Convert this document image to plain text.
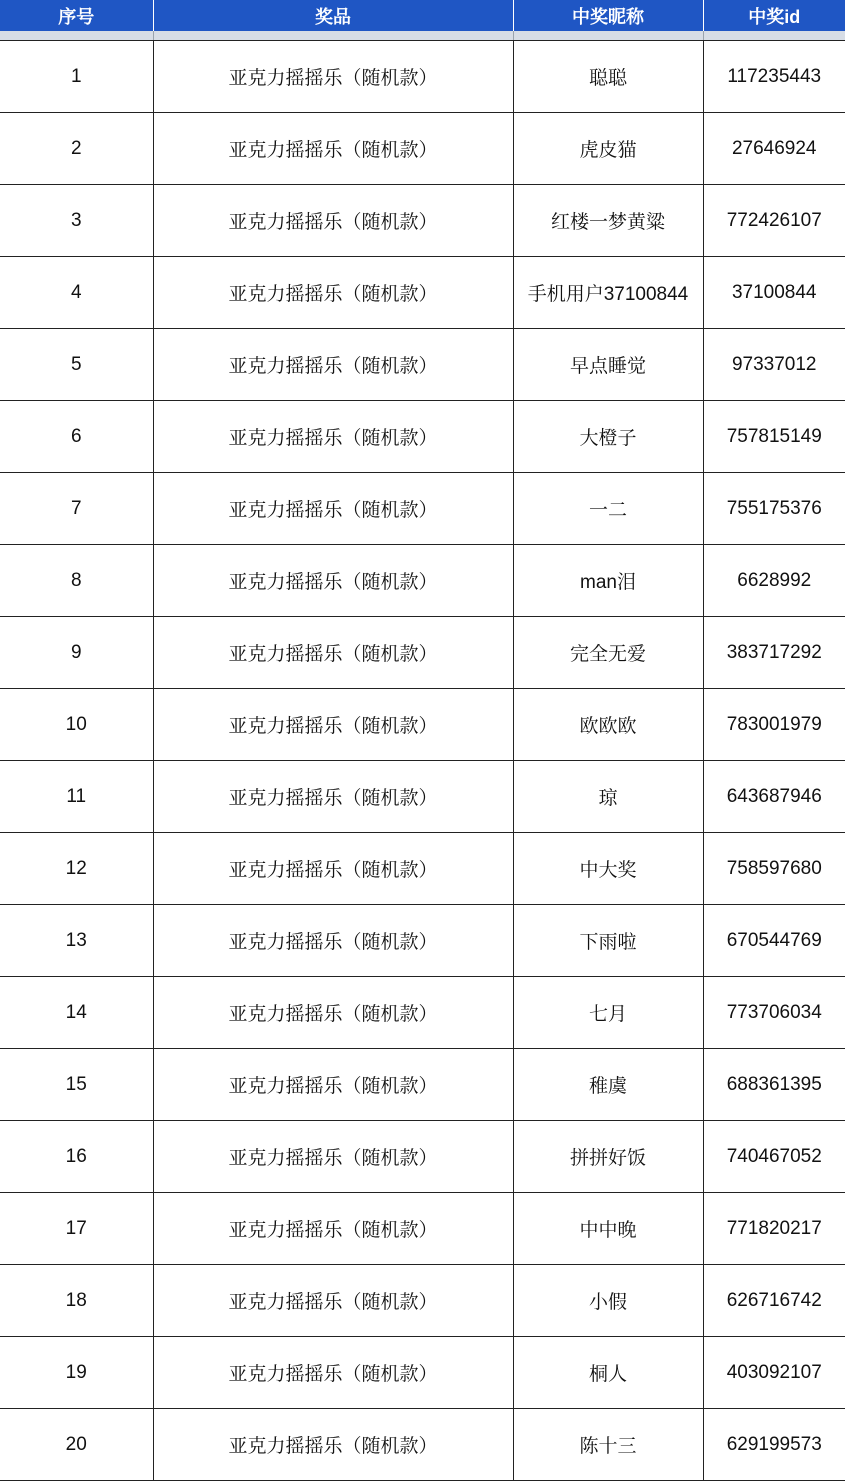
序号	奖品	中奖昵称	中奖id

1	亚克力摇摇乐（随机款）	聪聪	117235443
2	亚克力摇摇乐（随机款）	虎皮猫	27646924
3	亚克力摇摇乐（随机款）	红楼一梦黄粱	772426107
4	亚克力摇摇乐（随机款）	手机用户37100844	37100844
5	亚克力摇摇乐（随机款）	早点睡觉	97337012
6	亚克力摇摇乐（随机款）	大橙子	757815149
7	亚克力摇摇乐（随机款）	一二	755175376
8	亚克力摇摇乐（随机款）	man泪	6628992
9	亚克力摇摇乐（随机款）	完全无爱	383717292
10	亚克力摇摇乐（随机款）	欧欧欧	783001979
11	亚克力摇摇乐（随机款）	琼	643687946
12	亚克力摇摇乐（随机款）	中大奖	758597680
13	亚克力摇摇乐（随机款）	下雨啦	670544769
14	亚克力摇摇乐（随机款）	七月	773706034
15	亚克力摇摇乐（随机款）	稚虞	688361395
16	亚克力摇摇乐（随机款）	拼拼好饭	740467052
17	亚克力摇摇乐（随机款）	中中晚	771820217
18	亚克力摇摇乐（随机款）	小假	626716742
19	亚克力摇摇乐（随机款）	桐人	403092107
20	亚克力摇摇乐（随机款）	陈十三	629199573
